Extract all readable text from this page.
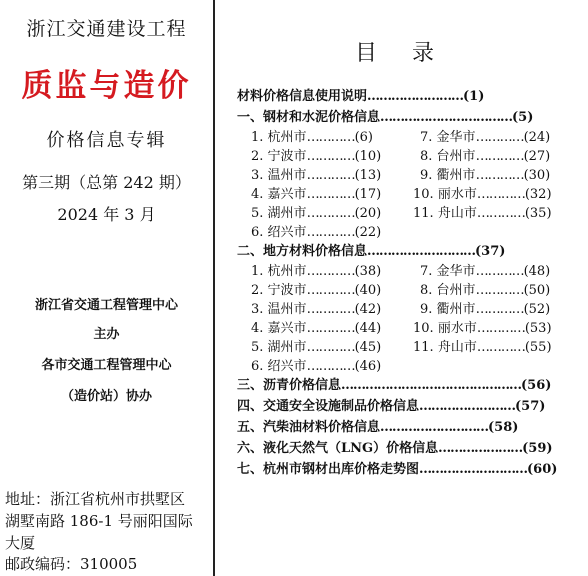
浙江交通建设工程
质监与造价
价格信息专辑
第三期（总第 242 期）
2024 年 3 月
浙江省交通工程管理中心
主办
各市交通工程管理中心
（造价站）协办
地址：浙江省杭州市拱墅区
湖墅南路 186-1 号丽阳国际
大厦
邮政编码：310005
目 录
材料价格信息使用说明……………………(1)
一、钢材和水泥价格信息……………………………(5)
1. 杭州市…………(6)	7. 金华市…………(24)
2. 宁波市…………(10)	8. 台州市…………(27)
3. 温州市…………(13)	9. 衢州市…………(30)
4. 嘉兴市…………(17) 10. 丽水市…………(32)
5. 湖州市…………(20) 11. 舟山市…………(35)
6. 绍兴市…………(22)
二、地方材料价格信息………………………(37)
1. 杭州市…………(38)	7. 金华市…………(48)
2. 宁波市…………(40)	8. 台州市…………(50)
3. 温州市…………(42)	9. 衢州市…………(52)
4. 嘉兴市…………(44) 10. 丽水市…………(53)
5. 湖州市…………(45) 11. 舟山市…………(55)
6. 绍兴市…………(46)
三、沥青价格信息………………………………………(56)
四、交通安全设施制品价格信息……………………(57)
五、汽柴油材料价格信息………………………(58)
六、液化天然气（LNG）价格信息…………………(59)
七、杭州市钢材出库价格走势图………………………(60)
